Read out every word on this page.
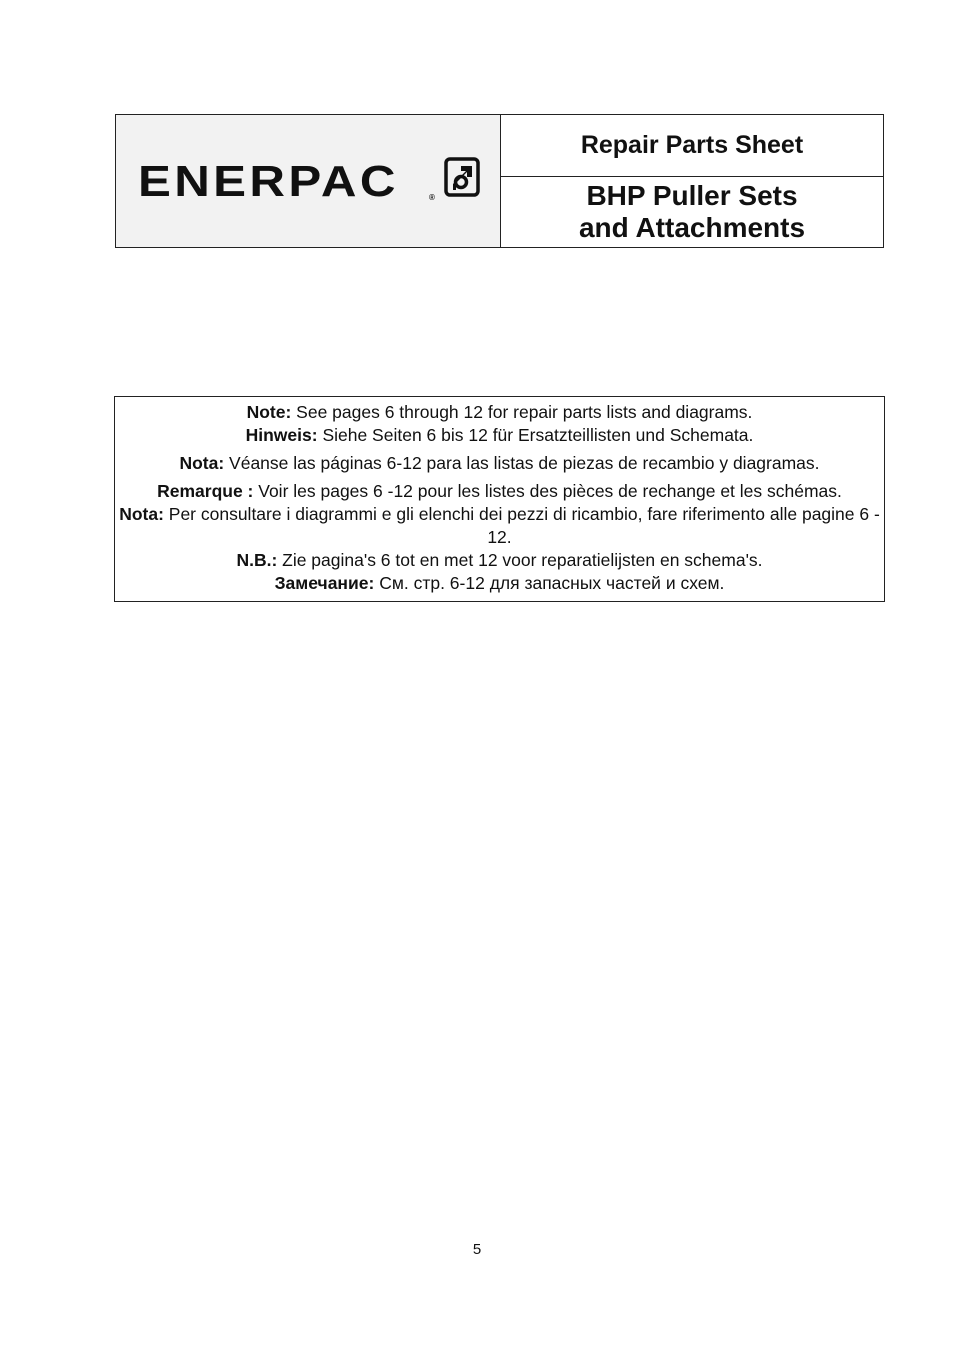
ENERPAC	®
Repair Parts Sheet
BHP Puller Sets
and Attachments
Note: See pages 6 through 12 for repair parts lists and diagrams.
Hinweis: Siehe Seiten 6 bis 12 für Ersatzteillisten und Schemata.
Nota: Véanse las páginas 6-12 para las listas de piezas de recambio y diagramas.
Remarque : Voir les pages 6 -12 pour les listes des pièces de rechange et les schémas.
Nota: Per consultare i diagrammi e gli elenchi dei pezzi di ricambio, fare riferimento alle pagine 6 - 12.
N.B.: Zie pagina's 6 tot en met 12 voor reparatielijsten en schema's.
Замечание: См. стр. 6-12 для запасных частей и схем.
5
